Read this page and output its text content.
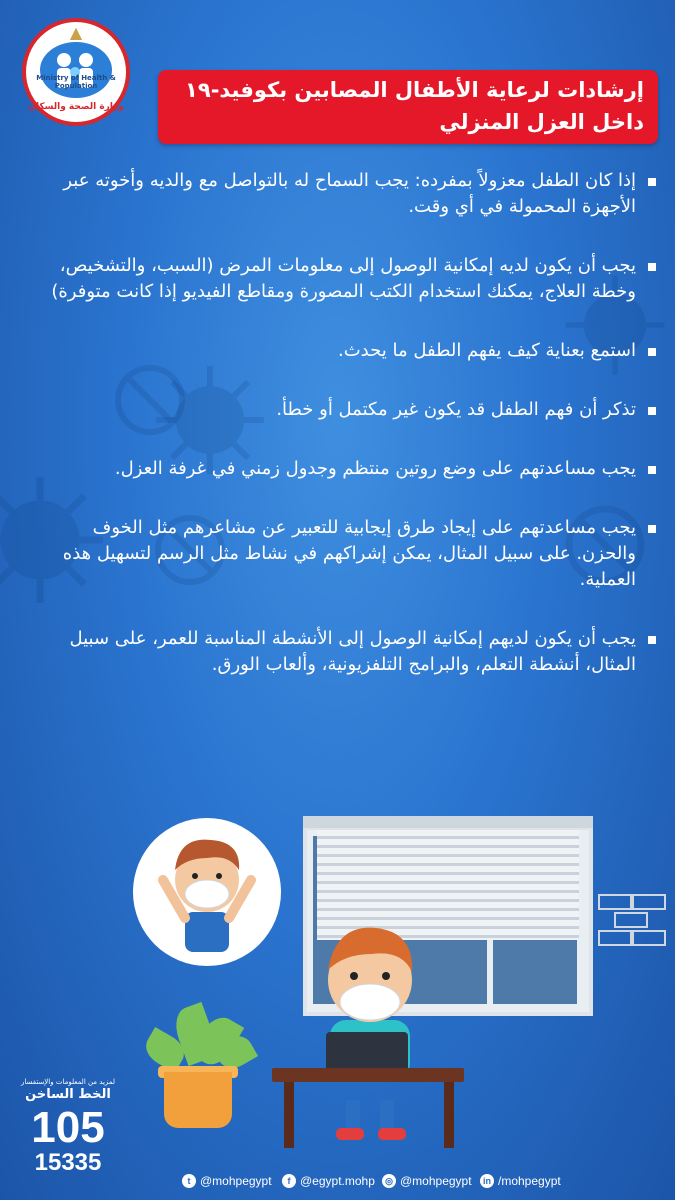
▲
Ministry of Health & Population
وزارة الصحة والسكان
إرشادات لرعاية الأطفال المصابين بكوفيد-١٩
داخل العزل المنزلي
إذا كان الطفل معزولاً بمفرده: يجب السماح له بالتواصل مع والديه وأخوته عبر الأجهزة المحمولة في أي وقت.
يجب أن يكون لديه إمكانية الوصول إلى معلومات المرض (السبب، والتشخيص، وخطة العلاج، يمكنك استخدام الكتب المصورة ومقاطع الفيديو إذا كانت متوفرة)
استمع بعناية كيف يفهم الطفل ما يحدث.
تذكر أن فهم الطفل قد يكون غير مكتمل أو خطأ.
يجب مساعدتهم على وضع روتين منتظم وجدول زمني في غرفة العزل.
يجب مساعدتهم على إيجاد طرق إيجابية للتعبير عن مشاعرهم مثل الخوف والحزن. على سبيل المثال، يمكن إشراكهم في نشاط مثل الرسم لتسهيل هذه العملية.
يجب أن يكون لديهم إمكانية الوصول إلى الأنشطة المناسبة للعمر، على سبيل المثال، أنشطة التعلم، والبرامج التلفزيونية، وألعاب الورق.
لمزيد من المعلومات والإستفسار
الخط الساخن
105
15335
t @mohpegypt	f @egypt.mohp	◎ @mohpegypt	in /mohpegypt
